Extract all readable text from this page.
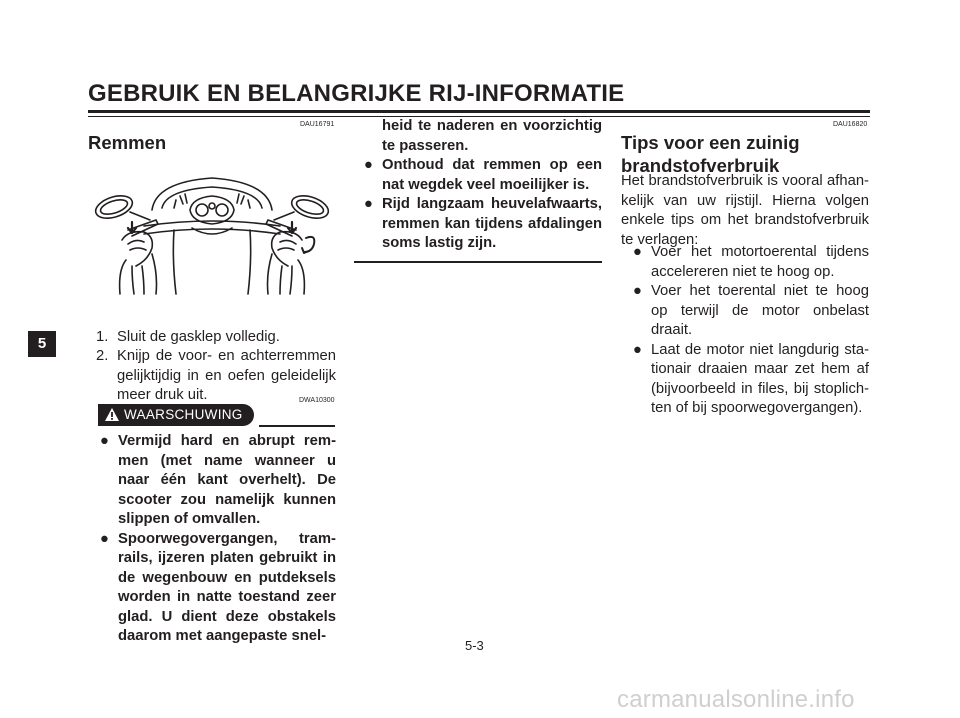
GEBRUIK EN BELANGRIJKE RIJ-INFORMATIE
5
DAU16791
Remmen
1. Sluit de gasklep volledig.
2. Knijp de voor- en achterremmen gelijktijdig in en oefen geleidelijk meer druk uit.	DWA10300
WAARSCHUWING
● Vermijd hard en abrupt rem-men (met name wanneer u naar één kant overhelt). De scooter zou namelijk kunnen slippen of omvallen.
● Spoorwegovergangen, tram-rails, ijzeren platen gebruikt in de wegenbouw en putdeksels worden in natte toestand zeer glad. U dient deze obstakels daarom met aangepaste snel-
heid te naderen en voorzichtig te passeren.
● Onthoud dat remmen op een nat wegdek veel moeilijker is.
● Rijd langzaam heuvelafwaarts, remmen kan tijdens afdalingen soms lastig zijn.
DAU16820
Tips voor een zuinig
brandstofverbruik
Het brandstofverbruik is vooral afhan-kelijk van uw rijstijl. Hierna volgen enkele tips om het brandstofverbruik te verlagen:
● Voer het motortoerental tijdens accelereren niet te hoog op.
● Voer het toerental niet te hoog op terwijl de motor onbelast draait.
● Laat de motor niet langdurig sta-tionair draaien maar zet hem af (bijvoorbeeld in files, bij stoplich-ten of bij spoorwegovergangen).
5-3
carmanualsonline.info
